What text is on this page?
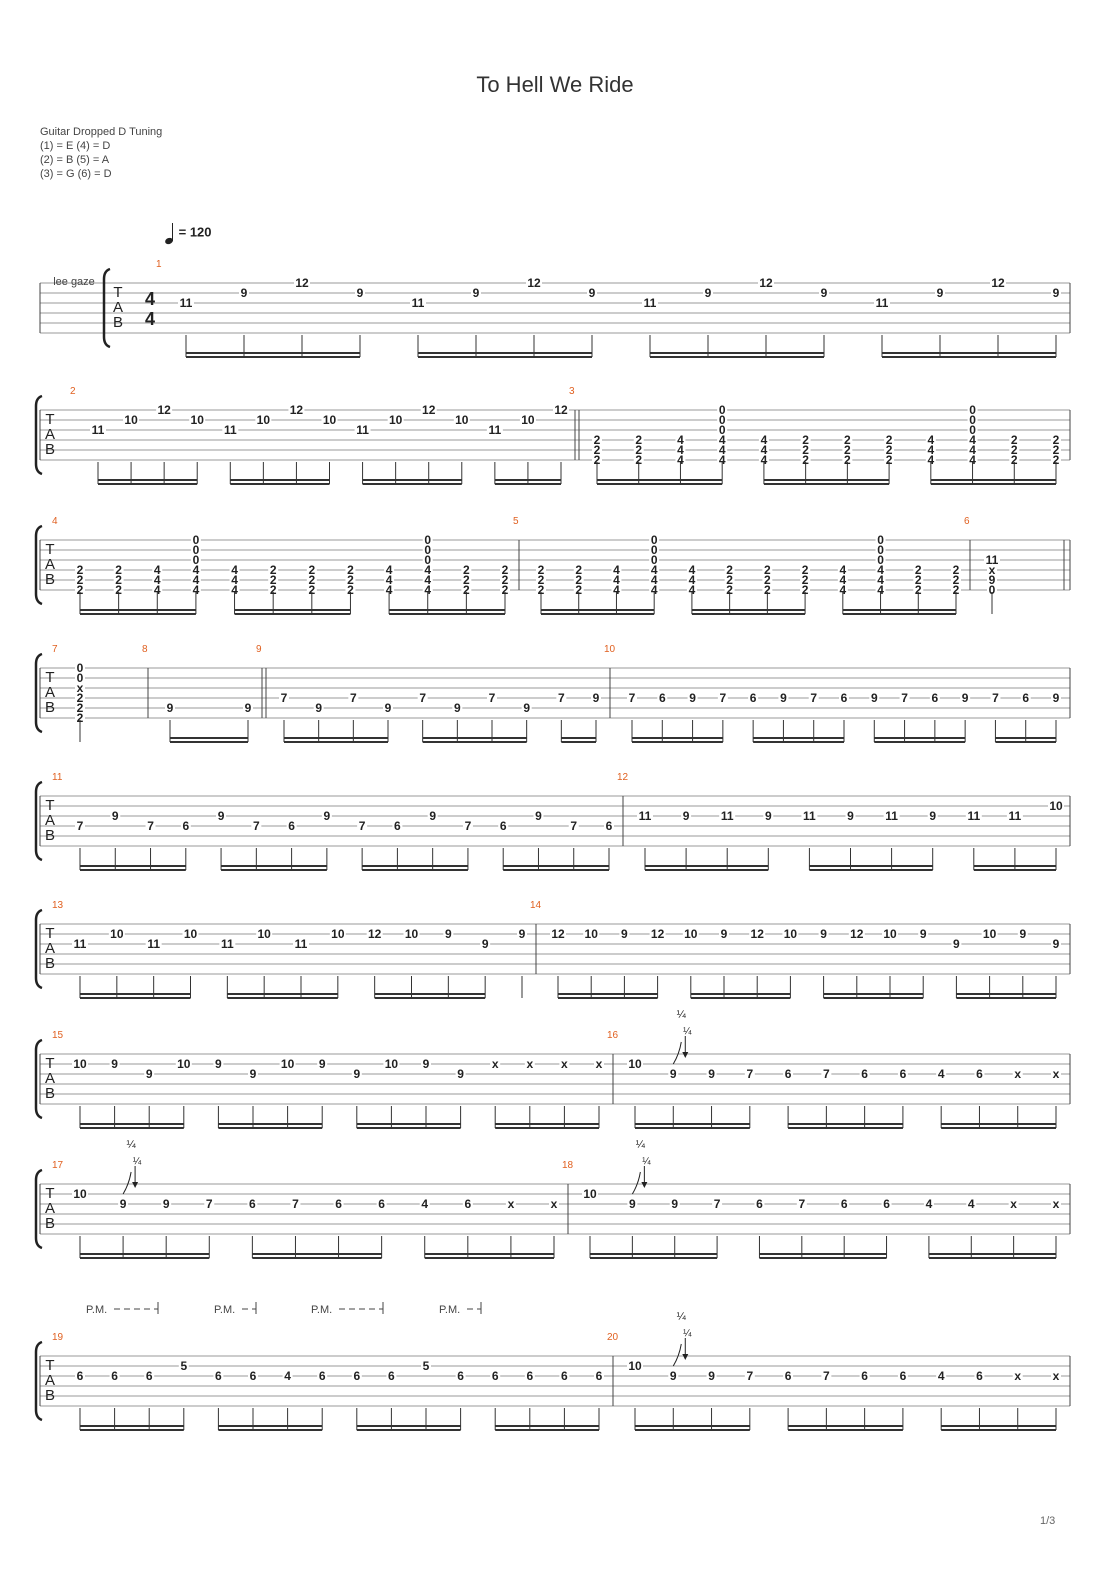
To Hell We Ride
Guitar Dropped D Tuning
(1) = E (4) = D
(2) = B (5) = A
(3) = G (6) = D
= 120
T
A
B
lee gaze
4
4
1
11
9
12
9
11
9
12
9
11
9
12
9
11
9
12
9
T
A
B
2
11
10
12
10
11
10
12
10
11
10
12
10
11
10
12
3
2
2
2
2
2
2
4
4
4
0
0
0
4
4
4
4
4
4
2
2
2
2
2
2
2
2
2
4
4
4
0
0
0
4
4
4
2
2
2
2
2
2
T
A
B
4
2
2
2
2
2
2
4
4
4
0
0
0
4
4
4
4
4
4
2
2
2
2
2
2
2
2
2
4
4
4
0
0
0
4
4
4
2
2
2
2
2
2
5
2
2
2
2
2
2
4
4
4
0
0
0
4
4
4
4
4
4
2
2
2
2
2
2
2
2
2
4
4
4
0
0
0
4
4
4
2
2
2
2
2
2
6
11
x
9
0
T
A
B
7
0
0
x
2
2
2
8
9	9
9
7
9
7
9
7
9
7
9
7 9
10
7 6 9 7 6 9 7 6 9 7 6 9 7 6 9
T
A
B
11
7
9
7 6
9
7 6
9
7 6
9
7 6
9
7 6
12
11	9	11	9	11	9	11	9	11 11
10
T
A
B
13
11
10
11
10
11
10
11
10 12 10 9
9
9
14
12 10 9 12 10 9 12 10 9 12 10 9
9
10 9
9
T
A
B
15
10 9
9
10 9
9
10 9
9
10 9
9
x x x x
16
10
9	9	7	6	7	6	6	4	6	x	x
¼
¼
T
A
B
17
10
9	9	7	6	7	6	6	4	6	x	x
18
10
9	9	7	6	7	6	6	4	4	x	x
¼
¼
¼
¼
T
A
B
19
6 6 6
5
6 6 4 6 6 6
5
6 6 6 6 6
20
10
9	9	7	6	7	6	6	4	6	x	x
P.M.	P.M.	P.M.	P.M.
¼
¼
1/3
